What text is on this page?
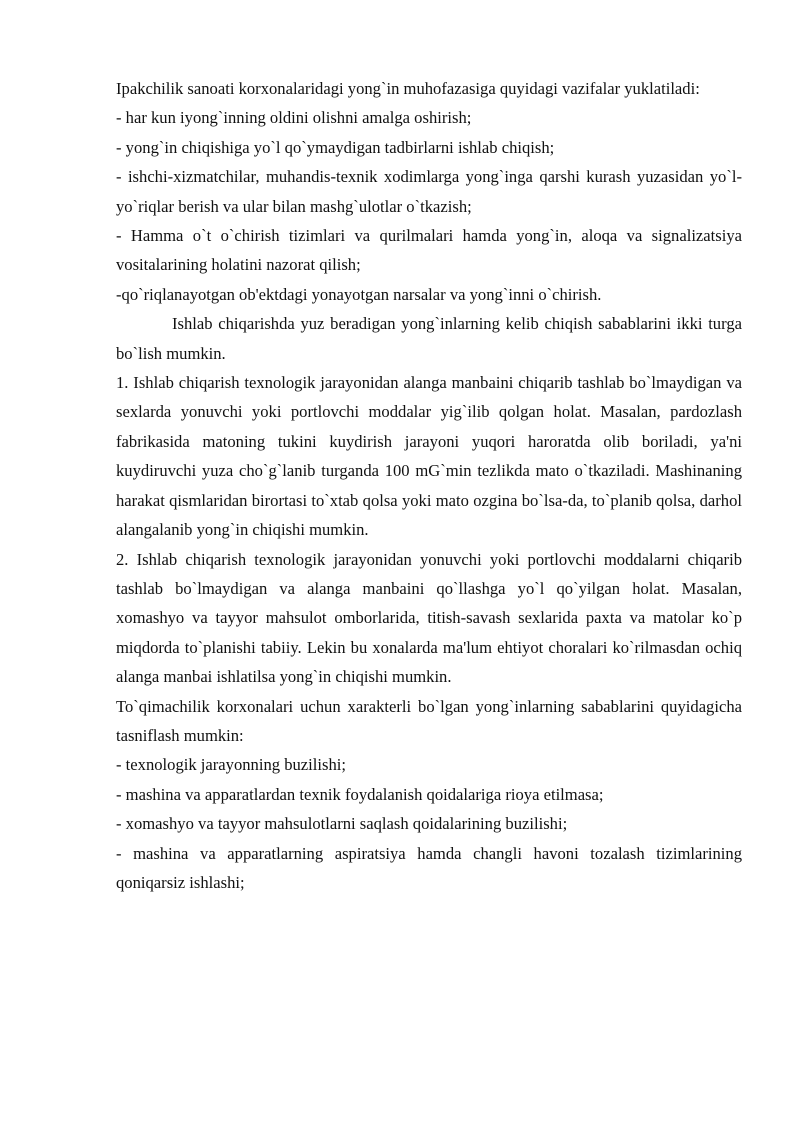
Ipakchilik sanoati korxonalaridagi yong`in muhofazasiga quyidagi vazifalar yuklatiladi:

- har kun iyong`inning oldini olishni amalga oshirish;

- yong`in chiqishiga yo`l qo`ymaydigan tadbirlarni ishlab chiqish;

- ishchi-xizmatchilar, muhandis-texnik xodimlarga yong`inga qarshi kurash yuzasidan yo`l-yo`riqlar berish va ular bilan mashg`ulotlar o`tkazish;

- Hamma o`t o`chirish tizimlari va qurilmalari hamda yong`in, aloqa va signalizatsiya vositalarining holatini nazorat qilish;

-qo`riqlanayotgan ob'ektdagi yonayotgan narsalar va yong`inni o`chirish.

Ishlab chiqarishda yuz beradigan yong`inlarning kelib chiqish sabablarini ikki turga bo`lish mumkin.

1. Ishlab chiqarish texnologik jarayonidan alanga manbaini chiqarib tashlab bo`lmaydigan va sexlarda yonuvchi yoki portlovchi moddalar yig`ilib qolgan holat. Masalan, pardozlash fabrikasida matoning tukini kuydirish jarayoni yuqori haroratda olib boriladi, ya'ni kuydiruvchi yuza cho`g`lanib turganda 100 mG`min tezlikda mato o`tkaziladi. Mashinaning harakat qismlaridan birortasi to`xtab qolsa yoki mato ozgina bo`lsa-da, to`planib qolsa, darhol alangalanib yong`in chiqishi mumkin.

2. Ishlab chiqarish texnologik jarayonidan yonuvchi yoki portlovchi moddalarni chiqarib tashlab bo`lmaydigan va alanga manbaini qo`llashga yo`l qo`yilgan holat. Masalan, xomashyo va tayyor mahsulot omborlarida, titish-savash sexlarida paxta va matolar ko`p miqdorda to`planishi tabiiy. Lekin bu xonalarda ma'lum ehtiyot choralari ko`rilmasdan ochiq alanga manbai ishlatilsa yong`in chiqishi mumkin.

To`qimachilik korxonalari uchun xarakterli bo`lgan yong`inlarning sabablarini quyidagicha tasniflash mumkin:

- texnologik jarayonning buzilishi;

- mashina va apparatlardan texnik foydalanish qoidalariga rioya etilmasa;

- xomashyo va tayyor mahsulotlarni saqlash qoidalarining buzilishi;

- mashina va apparatlarning aspiratsiya hamda changli havoni tozalash tizimlarining qoniqarsiz ishlashi;
